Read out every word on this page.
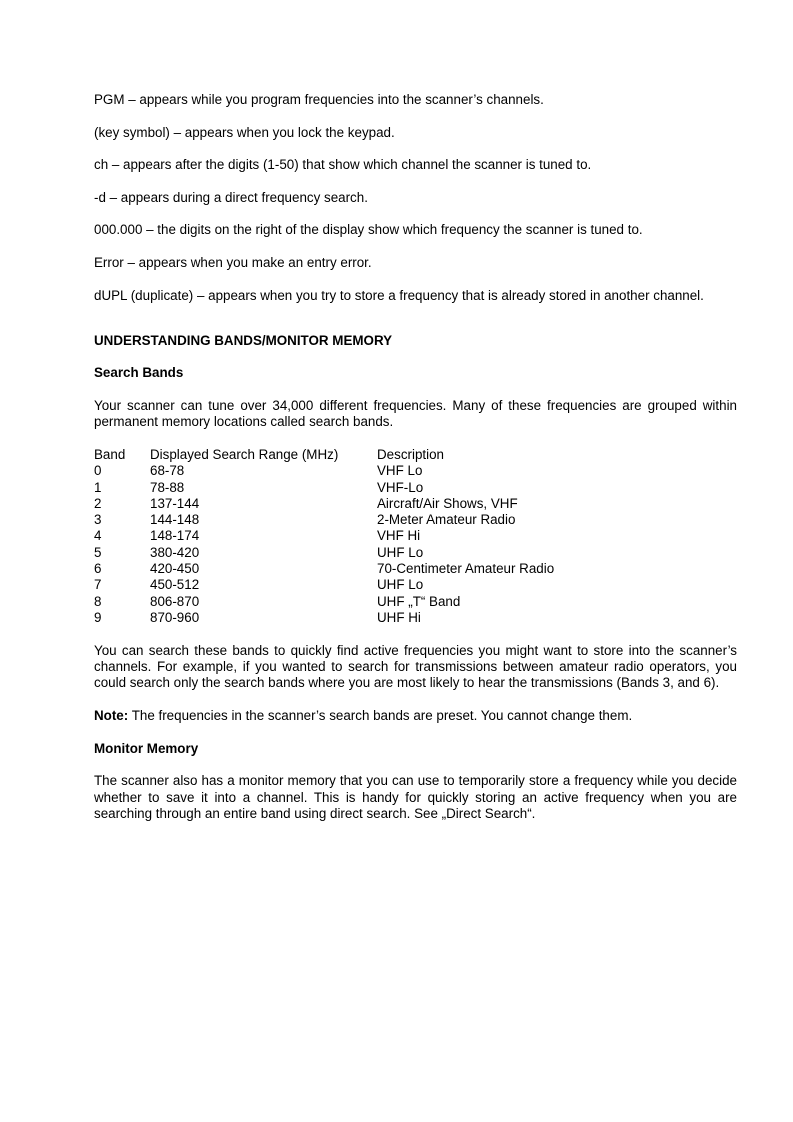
PGM – appears while you program frequencies into the scanner’s channels.

(key symbol) – appears when you lock the keypad.

ch – appears after the digits (1-50) that show which channel the scanner is tuned to.

-d – appears during a direct frequency search.

000.000 – the digits on the right of the display show which frequency the scanner is tuned to.

Error – appears when you make an entry error.

dUPL (duplicate) – appears when you try to store a frequency that is already stored in another channel.

UNDERSTANDING BANDS/MONITOR MEMORY

Search Bands

Your scanner can tune over 34,000 different frequencies. Many of these frequencies are grouped within permanent memory locations called search bands.

Band	Displayed Search Range (MHz)	Description
0	68-78	VHF Lo
1	78-88	VHF-Lo
2	137-144	Aircraft/Air Shows, VHF
3	144-148	2-Meter Amateur Radio
4	148-174	VHF Hi
5	380-420	UHF Lo
6	420-450	70-Centimeter Amateur Radio
7	450-512	UHF Lo
8	806-870	UHF „T“ Band
9	870-960	UHF Hi

You can search these bands to quickly find active frequencies you might want to store into the scanner’s channels. For example, if you wanted to search for transmissions between amateur radio operators, you could search only the search bands where you are most likely to hear the transmissions (Bands 3, and 6).

Note: The frequencies in the scanner’s search bands are preset. You cannot change them.

Monitor Memory

The scanner also has a monitor memory that you can use to temporarily store a frequency while you decide whether to save it into a channel. This is handy for quickly storing an active frequency when you are searching through an entire band using direct search. See „Direct Search“.
